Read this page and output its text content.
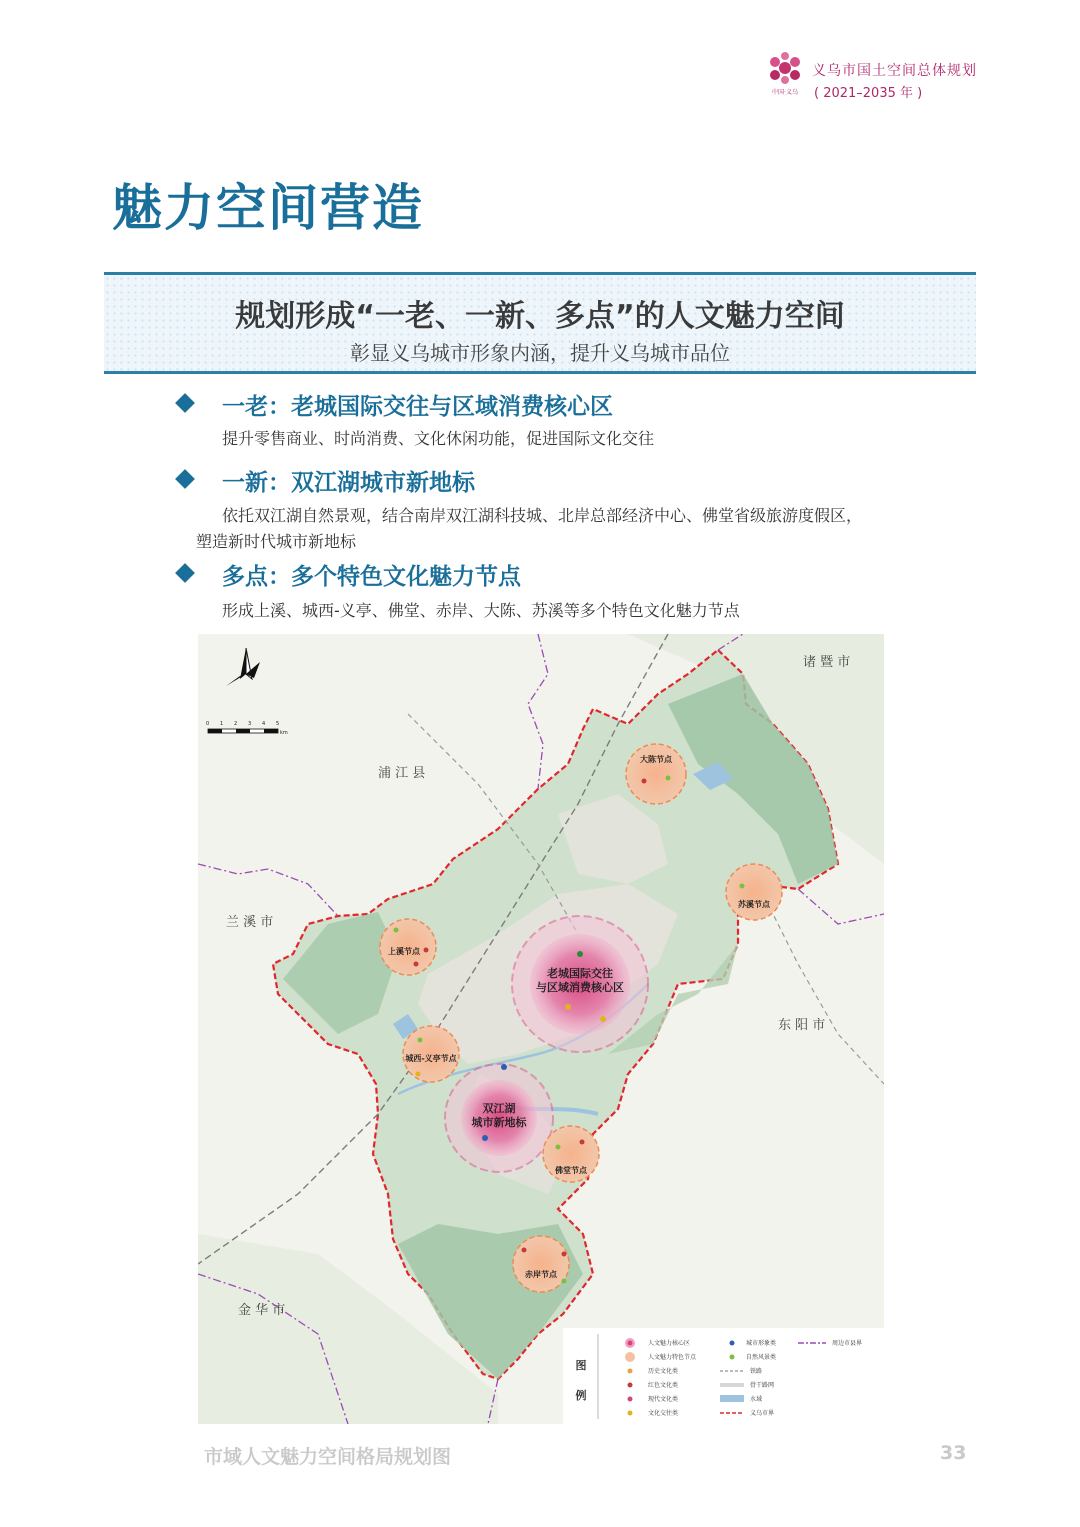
中国·义乌
义乌市国土空间总体规划
( 2021–2035 年 )
魅力空间营造
规划形成“一老、一新、多点”的人文魅力空间
彰显义乌城市形象内涵，提升义乌城市品位
一老：老城国际交往与区域消费核心区
提升零售商业、时尚消费、文化休闲功能，促进国际文化交往
一新：双江湖城市新地标
依托双江湖自然景观，结合南岸双江湖科技城、北岸总部经济中心、佛堂省级旅游度假区，
塑造新时代城市新地标
多点：多个特色文化魅力节点
形成上溪、城西-义亭、佛堂、赤岸、大陈、苏溪等多个特色文化魅力节点
诸 暨 市
浦 江 县
兰 溪 市
东 阳 市
金 华 市
0 1 2 3 4 5
km
老城国际交往
与区域消费核心区
双江湖
城市新地标
大陈节点
苏溪节点
上溪节点
城西-义亭节点
佛堂节点
赤岸节点
图
例
人文魅力核心区
人文魅力特色节点
历史文化类
红色文化类
现代文化类
文化交往类
城市形象类
自然风景类
铁路
骨干路网
水域
义乌市界
周边市县界
市域人文魅力空间格局规划图	33
